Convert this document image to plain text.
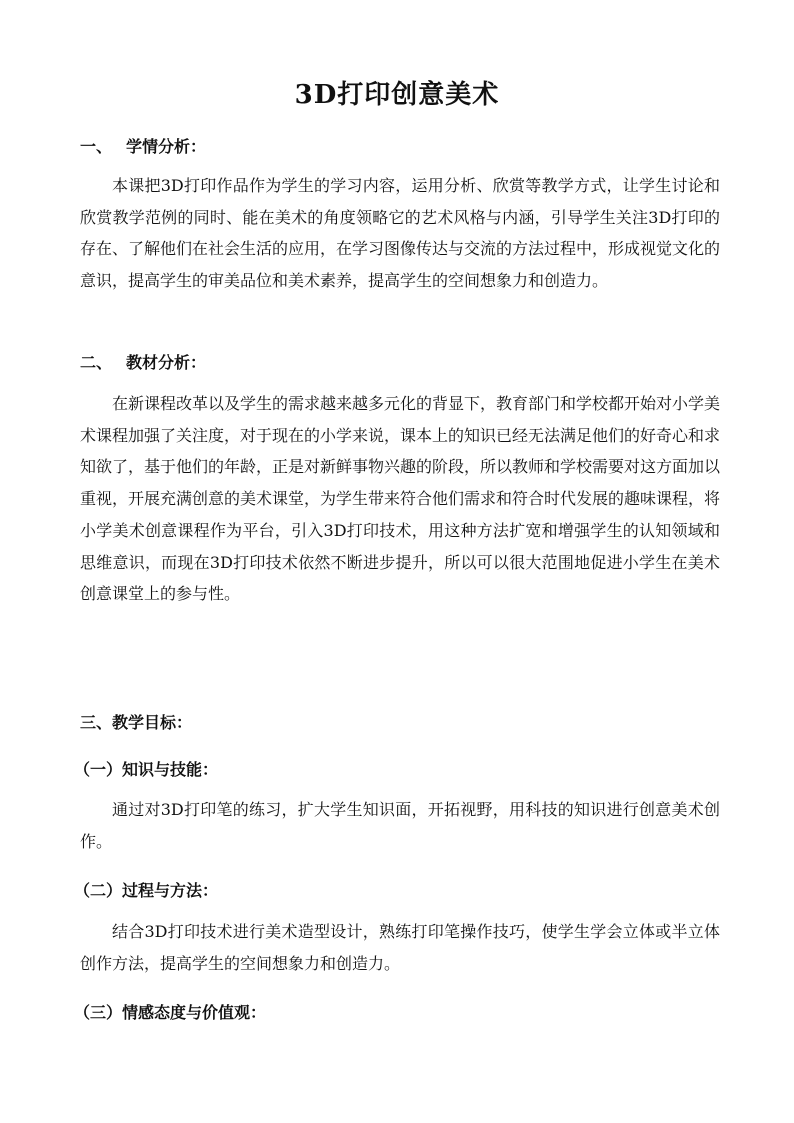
3D打印创意美术
一、 学情分析：
本课把3D打印作品作为学生的学习内容，运用分析、欣赏等教学方式，让学生讨论和欣赏教学范例的同时、能在美术的角度领略它的艺术风格与内涵，引导学生关注3D打印的存在、了解他们在社会生活的应用，在学习图像传达与交流的方法过程中，形成视觉文化的意识，提高学生的审美品位和美术素养，提高学生的空间想象力和创造力。
二、 教材分析：
在新课程改革以及学生的需求越来越多元化的背显下，教育部门和学校都开始对小学美术课程加强了关注度，对于现在的小学来说，课本上的知识已经无法满足他们的好奇心和求知欲了，基于他们的年龄，正是对新鲜事物兴趣的阶段，所以教师和学校需要对这方面加以重视，开展充满创意的美术课堂，为学生带来符合他们需求和符合时代发展的趣味课程，将小学美术创意课程作为平台，引入3D打印技术，用这种方法扩宽和增强学生的认知领域和思维意识，而现在3D打印技术依然不断进步提升，所以可以很大范围地促进小学生在美术创意课堂上的参与性。
三、教学目标：
（一）知识与技能：
通过对3D打印笔的练习，扩大学生知识面，开拓视野，用科技的知识进行创意美术创作。
（二）过程与方法：
结合3D打印技术进行美术造型设计，熟练打印笔操作技巧，使学生学会立体或半立体创作方法，提高学生的空间想象力和创造力。
（三）情感态度与价值观：
